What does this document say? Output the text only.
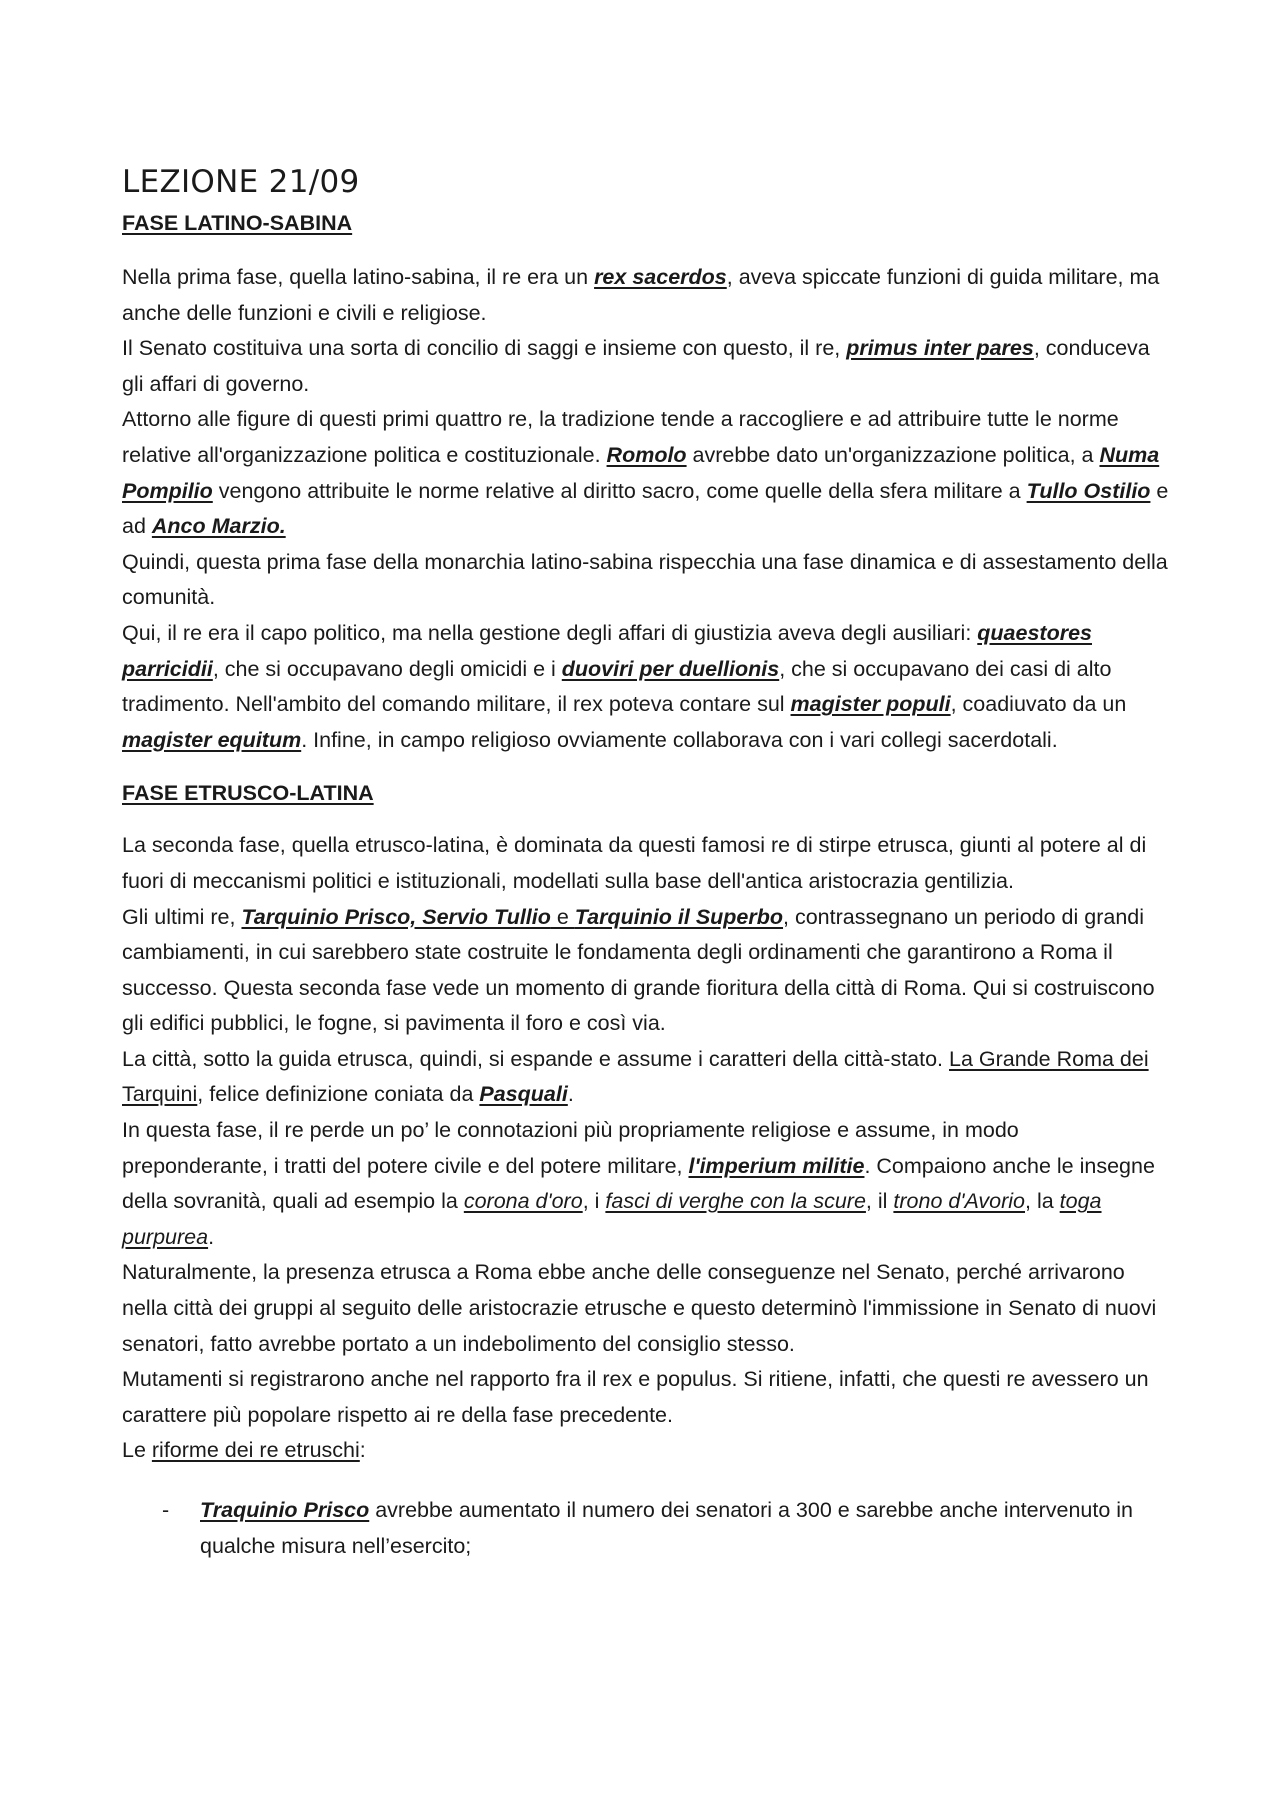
LEZIONE 21/09
FASE LATINO-SABINA

Nella prima fase, quella latino-sabina, il re era un rex sacerdos, aveva spiccate funzioni di guida militare, ma anche delle funzioni e civili e religiose.

Il Senato costituiva una sorta di concilio di saggi e insieme con questo, il re, primus inter pares, conduceva gli affari di governo.

Attorno alle figure di questi primi quattro re, la tradizione tende a raccogliere e ad attribuire tutte le norme relative all'organizzazione politica e costituzionale. Romolo avrebbe dato un'organizzazione politica, a Numa Pompilio vengono attribuite le norme relative al diritto sacro, come quelle della sfera militare a Tullo Ostilio e ad Anco Marzio.

Quindi, questa prima fase della monarchia latino-sabina rispecchia una fase dinamica e di assestamento della comunità.

Qui, il re era il capo politico, ma nella gestione degli affari di giustizia aveva degli ausiliari: quaestores parricidii, che si occupavano degli omicidi e i duoviri per duellionis, che si occupavano dei casi di alto tradimento. Nell'ambito del comando militare, il rex poteva contare sul magister populi, coadiuvato da un magister equitum. Infine, in campo religioso ovviamente collaborava con i vari collegi sacerdotali.

FASE ETRUSCO-LATINA

La seconda fase, quella etrusco-latina, è dominata da questi famosi re di stirpe etrusca, giunti al potere al di fuori di meccanismi politici e istituzionali, modellati sulla base dell'antica aristocrazia gentilizia.

Gli ultimi re, Tarquinio Prisco, Servio Tullio e Tarquinio il Superbo, contrassegnano un periodo di grandi cambiamenti, in cui sarebbero state costruite le fondamenta degli ordinamenti che garantirono a Roma il successo. Questa seconda fase vede un momento di grande fioritura della città di Roma. Qui si costruiscono gli edifici pubblici, le fogne, si pavimenta il foro e così via.

La città, sotto la guida etrusca, quindi, si espande e assume i caratteri della città-stato. La Grande Roma dei Tarquini, felice definizione coniata da Pasquali.

In questa fase, il re perde un po’ le connotazioni più propriamente religiose e assume, in modo preponderante, i tratti del potere civile e del potere militare, l'imperium militie. Compaiono anche le insegne della sovranità, quali ad esempio la corona d'oro, i fasci di verghe con la scure, il trono d'Avorio, la toga purpurea.

Naturalmente, la presenza etrusca a Roma ebbe anche delle conseguenze nel Senato, perché arrivarono nella città dei gruppi al seguito delle aristocrazie etrusche e questo determinò l'immissione in Senato di nuovi senatori, fatto avrebbe portato a un indebolimento del consiglio stesso.

Mutamenti si registrarono anche nel rapporto fra il rex e populus. Si ritiene, infatti, che questi re avessero un carattere più popolare rispetto ai re della fase precedente.

Le riforme dei re etruschi:

- Traquinio Prisco avrebbe aumentato il numero dei senatori a 300 e sarebbe anche intervenuto in qualche misura nell’esercito;
